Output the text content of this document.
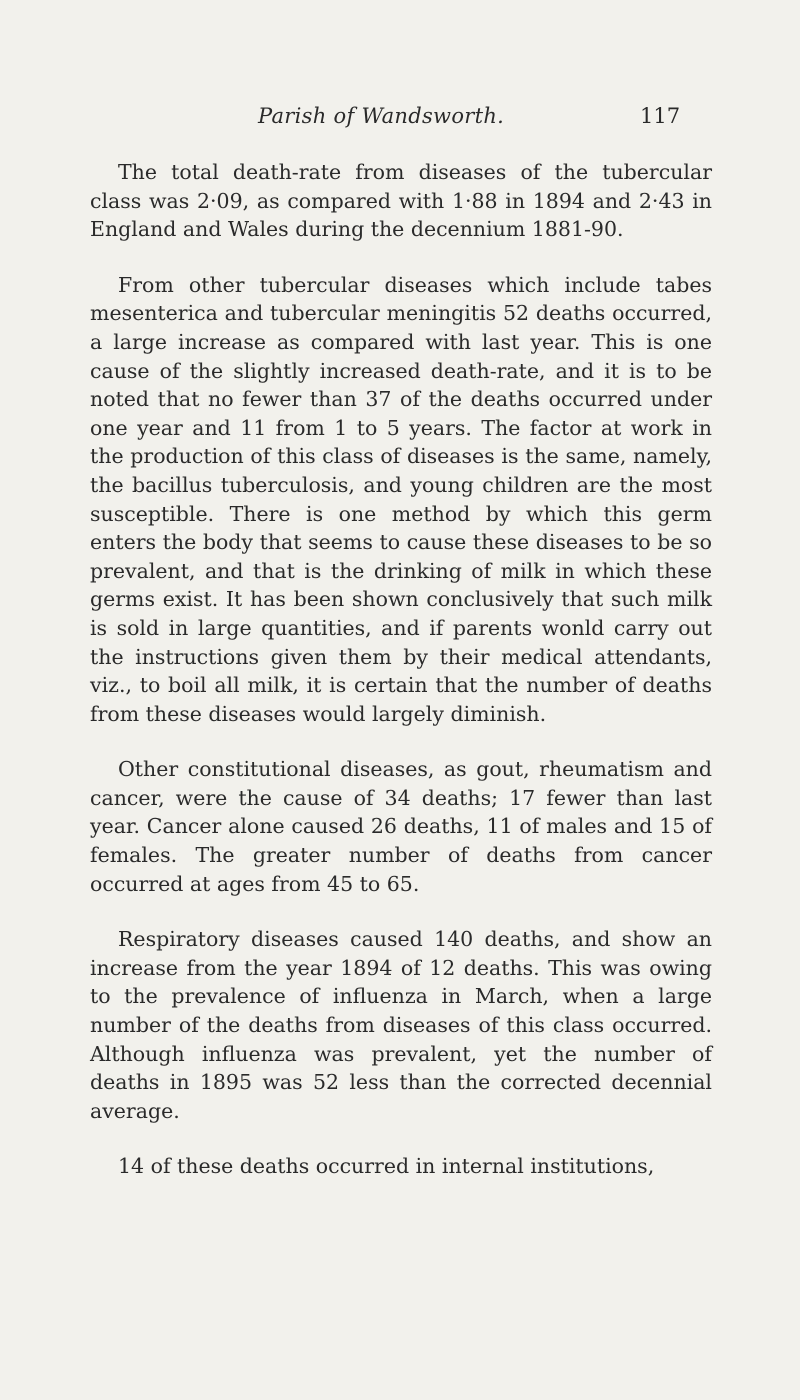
Parish of Wandsworth.	117

The total death-rate from diseases of the tubercular class was 2·09, as compared with 1·88 in 1894 and 2·43 in England and Wales during the decennium 1881-90.

From other tubercular diseases which include tabes mesenterica and tubercular meningitis 52 deaths occurred, a large increase as compared with last year. This is one cause of the slightly increased death-rate, and it is to be noted that no fewer than 37 of the deaths occurred under one year and 11 from 1 to 5 years. The factor at work in the production of this class of diseases is the same, namely, the bacillus tuberculosis, and young children are the most susceptible. There is one method by which this germ enters the body that seems to cause these diseases to be so prevalent, and that is the drinking of milk in which these germs exist. It has been shown conclusively that such milk is sold in large quantities, and if parents wonld carry out the instructions given them by their medical attendants, viz., to boil all milk, it is certain that the number of deaths from these diseases would largely diminish.

Other constitutional diseases, as gout, rheumatism and cancer, were the cause of 34 deaths; 17 fewer than last year. Cancer alone caused 26 deaths, 11 of males and 15 of females. The greater number of deaths from cancer occurred at ages from 45 to 65.

Respiratory diseases caused 140 deaths, and show an increase from the year 1894 of 12 deaths. This was owing to the prevalence of influenza in March, when a large number of the deaths from diseases of this class occurred. Although influenza was prevalent, yet the number of deaths in 1895 was 52 less than the corrected decennial average.

14 of these deaths occurred in internal institutions,
